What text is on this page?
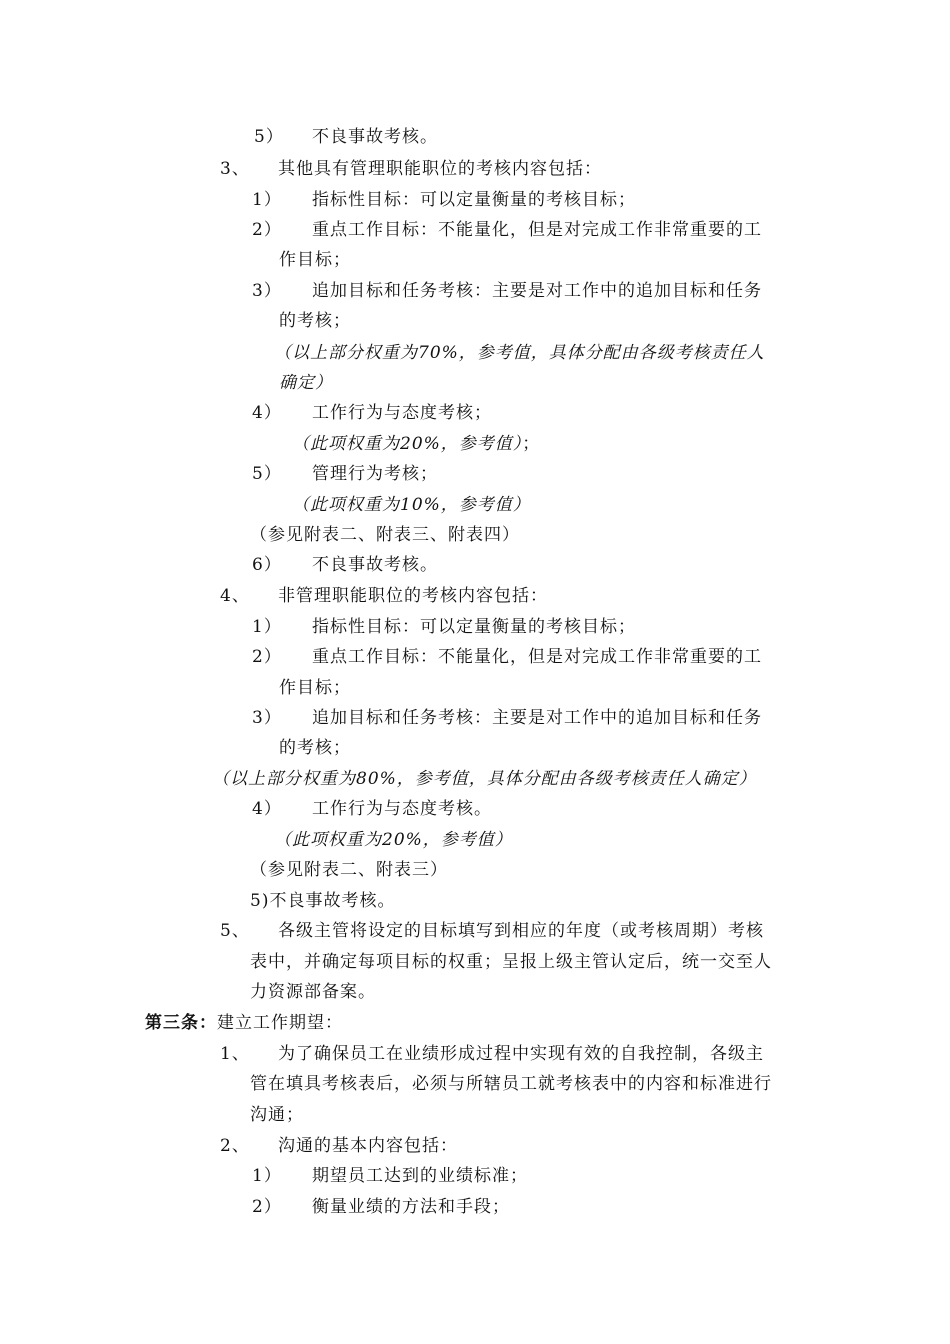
5） 不良事故考核。
3、 其他具有管理职能职位的考核内容包括：
1） 指标性目标：可以定量衡量的考核目标；
2） 重点工作目标：不能量化，但是对完成工作非常重要的工
作目标；
3） 追加目标和任务考核：主要是对工作中的追加目标和任务
的考核；
（以上部分权重为70%，参考值，具体分配由各级考核责任人
确定）
4） 工作行为与态度考核；
（此项权重为20%，参考值）；
5） 管理行为考核；
（此项权重为10%，参考值）
（参见附表二、附表三、附表四）
6） 不良事故考核。
4、 非管理职能职位的考核内容包括：
1） 指标性目标：可以定量衡量的考核目标；
2） 重点工作目标：不能量化，但是对完成工作非常重要的工
作目标；
3） 追加目标和任务考核：主要是对工作中的追加目标和任务
的考核；
（以上部分权重为80%，参考值，具体分配由各级考核责任人确定）
4） 工作行为与态度考核。
（此项权重为20%，参考值）
（参见附表二、附表三）
5)不良事故考核。
5、 各级主管将设定的目标填写到相应的年度（或考核周期）考核
表中，并确定每项目标的权重；呈报上级主管认定后，统一交至人
力资源部备案。
第三条：建立工作期望：
1、 为了确保员工在业绩形成过程中实现有效的自我控制，各级主
管在填具考核表后，必须与所辖员工就考核表中的内容和标准进行
沟通；
2、 沟通的基本内容包括：
1） 期望员工达到的业绩标准；
2） 衡量业绩的方法和手段；
